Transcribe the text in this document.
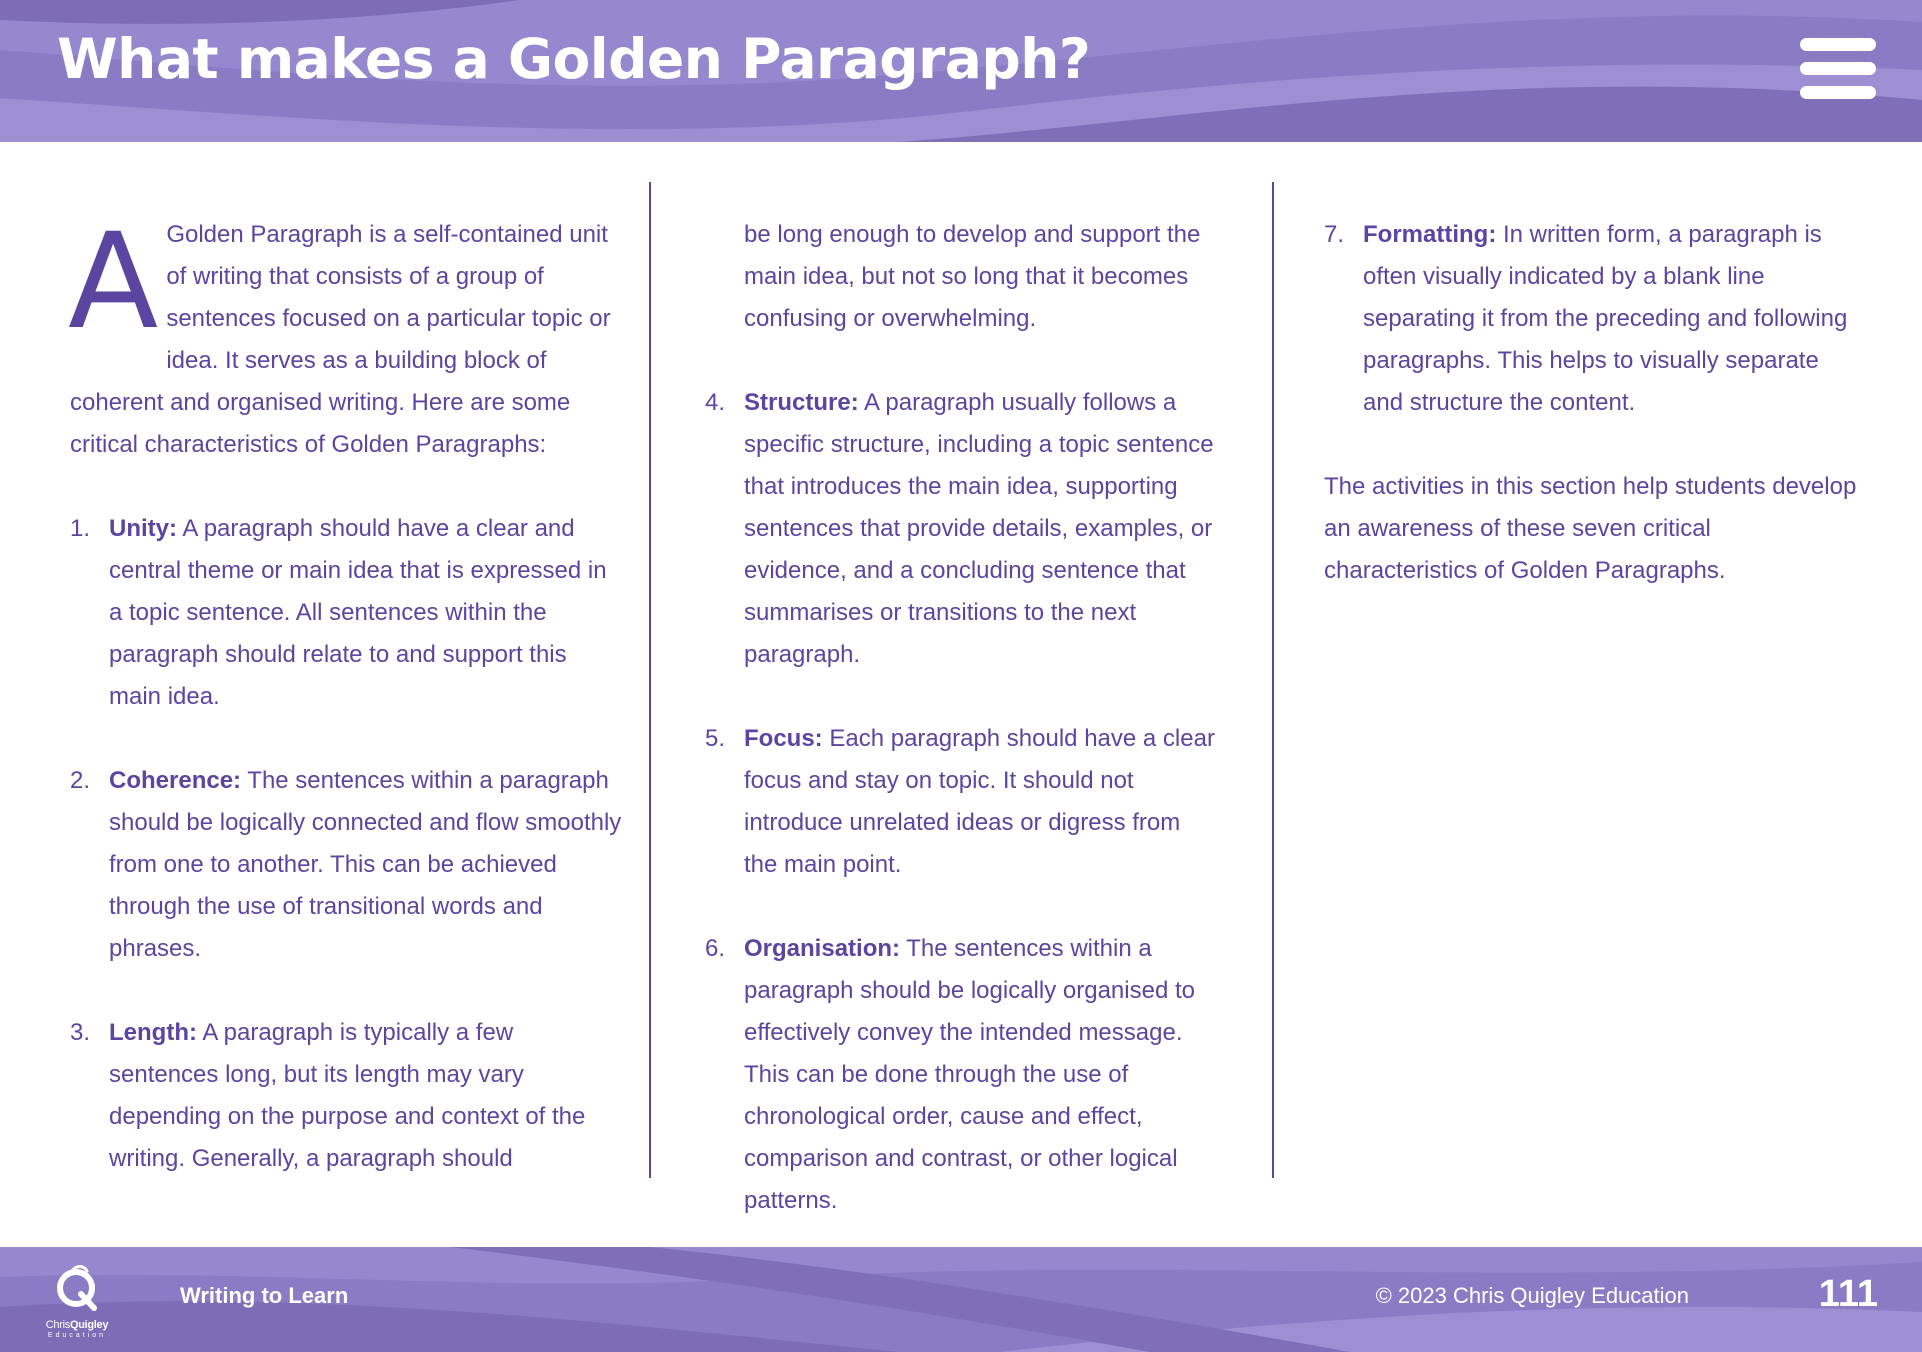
What makes a Golden Paragraph?
A Golden Paragraph is a self-contained unit of writing that consists of a group of sentences focused on a particular topic or idea. It serves as a building block of coherent and organised writing. Here are some critical characteristics of Golden Paragraphs:

1. Unity: A paragraph should have a clear and central theme or main idea that is expressed in a topic sentence. All sentences within the paragraph should relate to and support this main idea.
2. Coherence: The sentences within a paragraph should be logically connected and flow smoothly from one to another. This can be achieved through the use of transitional words and phrases.
3. Length: A paragraph is typically a few sentences long, but its length may vary depending on the purpose and context of the writing. Generally, a paragraph should

be long enough to develop and support the main idea, but not so long that it becomes confusing or overwhelming.

4. Structure: A paragraph usually follows a specific structure, including a topic sentence that introduces the main idea, supporting sentences that provide details, examples, or evidence, and a concluding sentence that summarises or transitions to the next paragraph.
5. Focus: Each paragraph should have a clear focus and stay on topic. It should not introduce unrelated ideas or digress from the main point.
6. Organisation: The sentences within a paragraph should be logically organised to effectively convey the intended message. This can be done through the use of chronological order, cause and effect, comparison and contrast, or other logical patterns.
7. Formatting: In written form, a paragraph is often visually indicated by a blank line separating it from the preceding and following paragraphs. This helps to visually separate and structure the content.

The activities in this section help students develop an awareness of these seven critical characteristics of Golden Paragraphs.

ChrisQuigley
Education
Writing to Learn	© 2023 Chris Quigley Education	111
